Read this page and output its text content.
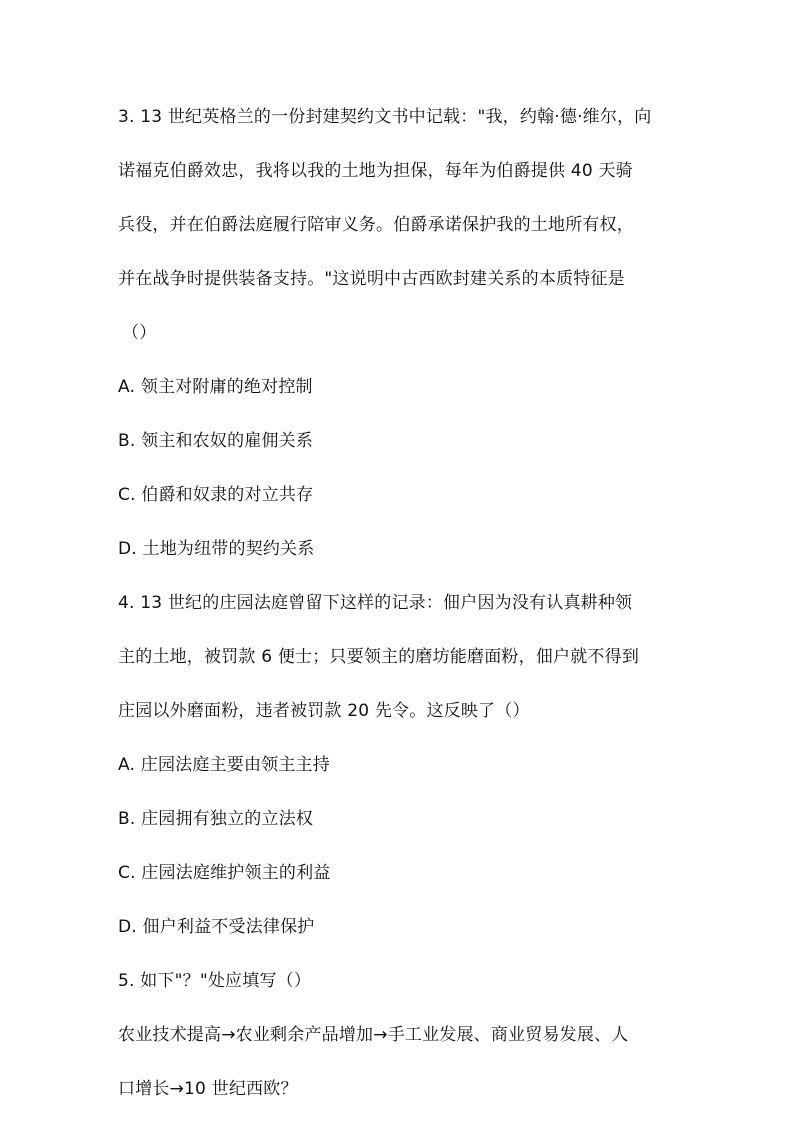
3. 13 世纪英格兰的一份封建契约文书中记载："我，约翰·德·维尔，向
诺福克伯爵效忠，我将以我的土地为担保，每年为伯爵提供 40 天骑
兵役，并在伯爵法庭履行陪审义务。伯爵承诺保护我的土地所有权，
并在战争时提供装备支持。"这说明中古西欧封建关系的本质特征是
（）
A. 领主对附庸的绝对控制
B. 领主和农奴的雇佣关系
C. 伯爵和奴隶的对立共存
D. 土地为纽带的契约关系
4. 13 世纪的庄园法庭曾留下这样的记录：佃户因为没有认真耕种领
主的土地，被罚款 6 便士；只要领主的磨坊能磨面粉，佃户就不得到
庄园以外磨面粉，违者被罚款 20 先令。这反映了（）
A. 庄园法庭主要由领主主持
B. 庄园拥有独立的立法权
C. 庄园法庭维护领主的利益
D. 佃户利益不受法律保护
5. 如下"？"处应填写（）
农业技术提高→农业剩余产品增加→手工业发展、商业贸易发展、人
口增长→10 世纪西欧？
